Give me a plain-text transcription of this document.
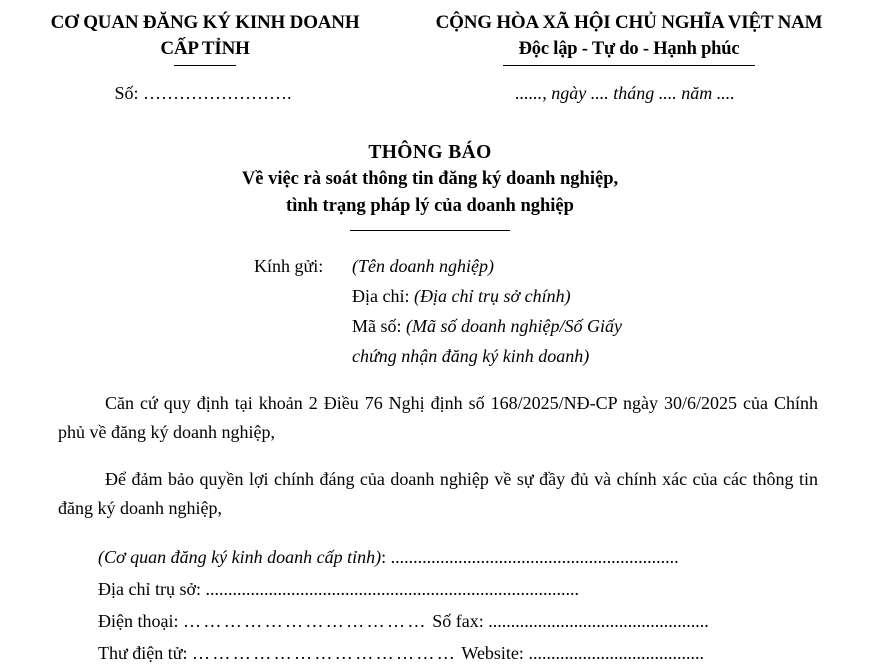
CƠ QUAN ĐĂNG KÝ KINH DOANH
CẤP TỈNH
CỘNG HÒA XÃ HỘI CHỦ NGHĨA VIỆT NAM
Độc lập - Tự do - Hạnh phúc
Số: …………………….	......, ngày .... tháng .... năm ....
THÔNG BÁO
Về việc rà soát thông tin đăng ký doanh nghiệp,
tình trạng pháp lý của doanh nghiệp
Kính gửi:	(Tên doanh nghiệp)
Địa chỉ: (Địa chỉ trụ sở chính)
Mã số: (Mã số doanh nghiệp/Số Giấy
chứng nhận đăng ký kinh doanh)

Căn cứ quy định tại khoản 2 Điều 76 Nghị định số 168/2025/NĐ-CP ngày 30/6/2025 của Chính phủ về đăng ký doanh nghiệp,

Để đảm bảo quyền lợi chính đáng của doanh nghiệp về sự đầy đủ và chính xác của các thông tin đăng ký doanh nghiệp,

(Cơ quan đăng ký kinh doanh cấp tỉnh): ................................................................
Địa chỉ trụ sở: ...................................................................................
Điện thoại: ……………………………… Số fax: .................................................
Thư điện tử: ………………………………… Website: .......................................
